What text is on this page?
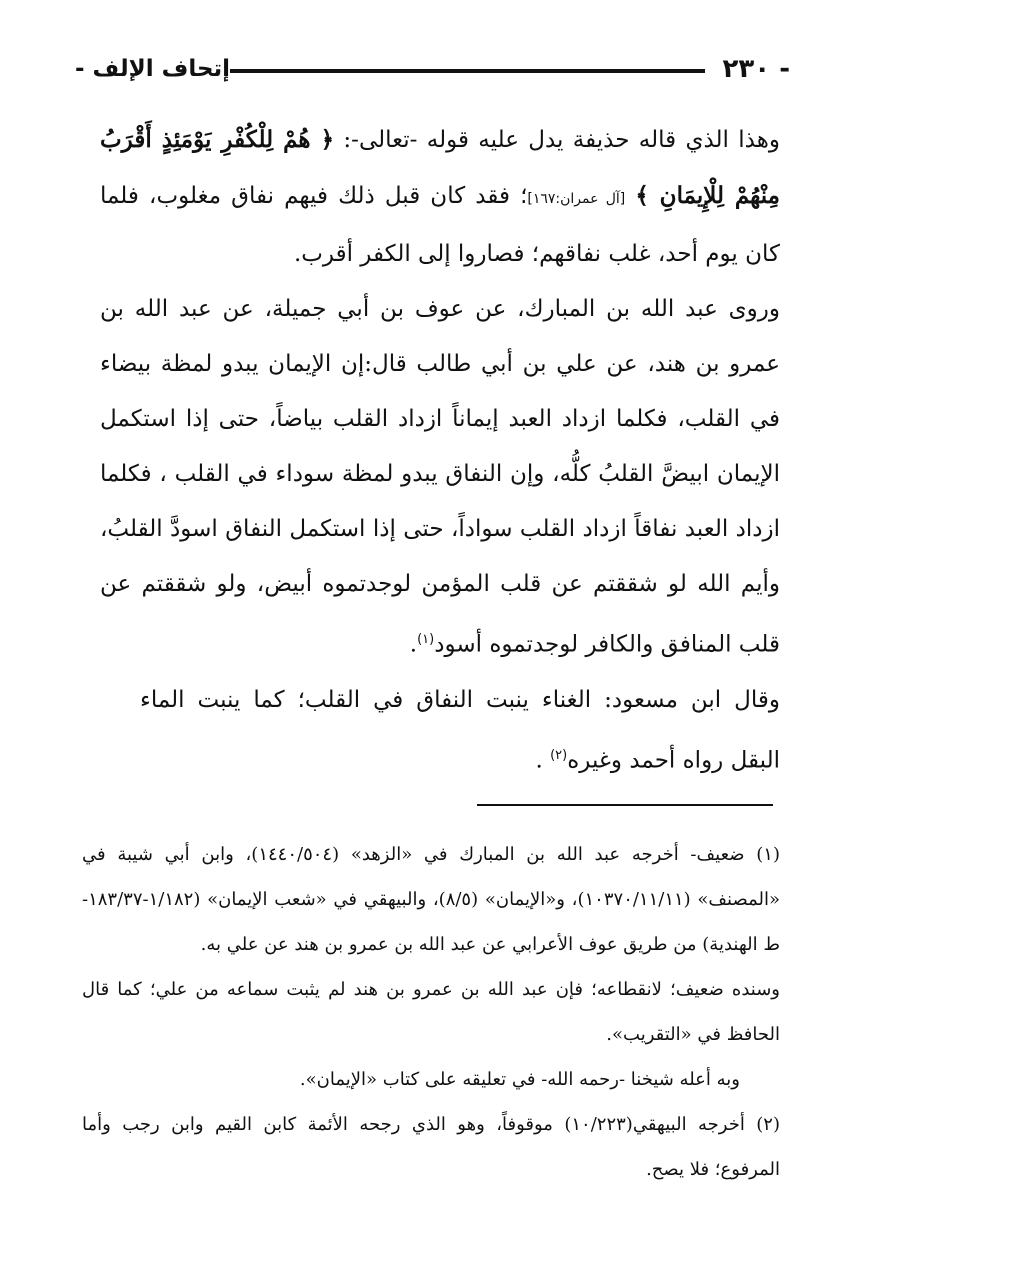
- ٢٣٠
إتحاف الإلف -

وهذا الذي قاله حذيفة يدل عليه قوله -تعالى-: ﴿ هُمْ لِلْكُفْرِ يَوْمَئِذٍ أَقْرَبُ مِنْهُمْ لِلْإِيمَانِ ﴾ [آل عمران:١٦٧]؛ فقد كان قبل ذلك فيهم نفاق مغلوب، فلما كان يوم أحد، غلب نفاقهم؛ فصاروا إلى الكفر أقرب.

وروى عبد الله بن المبارك، عن عوف بن أبي جميلة، عن عبد الله بن عمرو بن هند، عن علي بن أبي طالب قال:إن الإيمان يبدو لمظة بيضاء في القلب، فكلما ازداد العبد إيماناً ازداد القلب بياضاً، حتى إذا استكمل الإيمان ابيضَّ القلبُ كلُّه، وإن النفاق يبدو لمظة سوداء في القلب ، فكلما ازداد العبد نفاقاً ازداد القلب سواداً، حتى إذا استكمل النفاق اسودَّ القلبُ، وأيم الله لو شققتم عن قلب المؤمن لوجدتموه أبيض، ولو شققتم عن قلب المنافق والكافر لوجدتموه أسود$^{(١)}$.

وقال ابن مسعود: الغناء ينبت النفاق في القلب؛ كما ينبت الماء البقل رواه أحمد وغيره$^{(٢)}$ .

(١) ضعيف- أخرجه عبد الله بن المبارك في «الزهد» (١٤٤٠/٥٠٤)، وابن أبي شيبة في «المصنف» (١٠٣٧٠/١١/١١)، و«الإيمان» (٨/٥)، والبيهقي في «شعب الإيمان» (١/١٨٢-١٨٣/٣٧-ط الهندية) من طريق عوف الأعرابي عن عبد الله بن عمرو بن هند عن علي به.

وسنده ضعيف؛ لانقطاعه؛ فإن عبد الله بن عمرو بن هند لم يثبت سماعه من علي؛ كما قال الحافظ في «التقريب».

وبه أعله شيخنا -رحمه الله- في تعليقه على كتاب «الإيمان».

(٢) أخرجه البيهقي(١٠/٢٢٣) موقوفاً، وهو الذي رجحه الأئمة كابن القيم وابن رجب وأما المرفوع؛ فلا يصح.
